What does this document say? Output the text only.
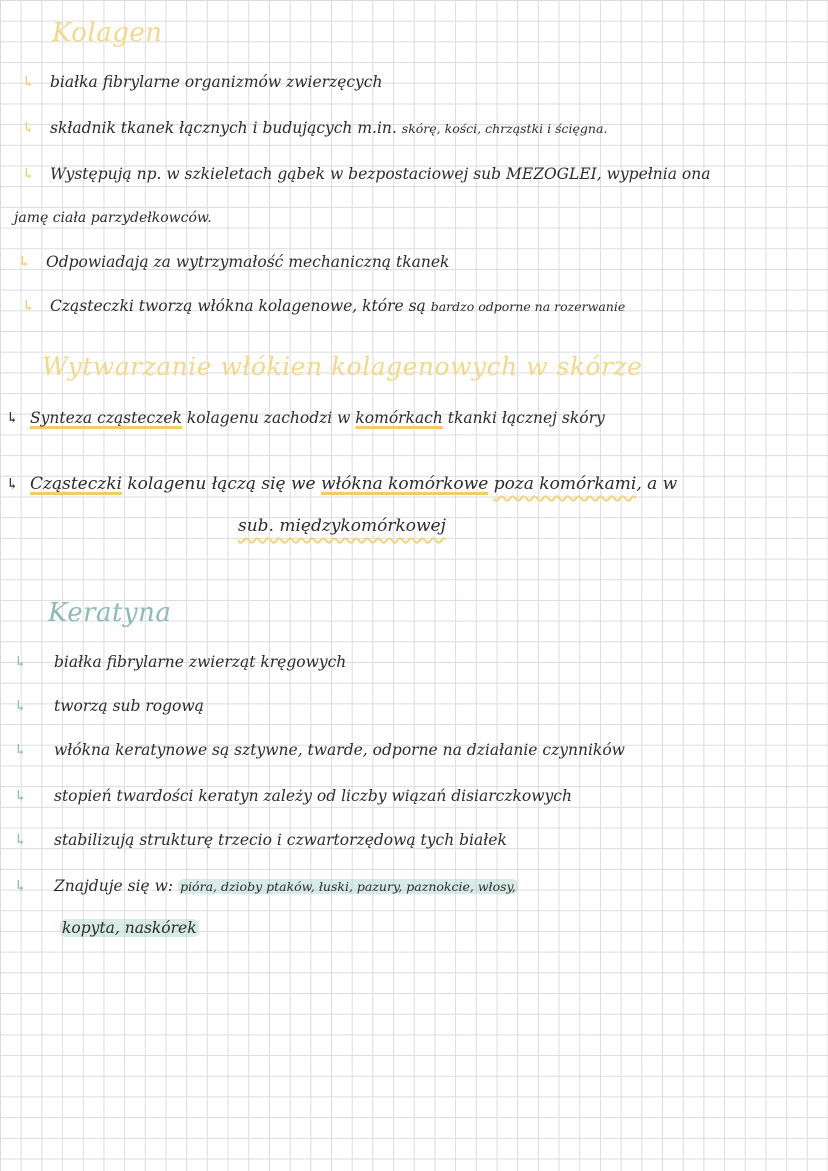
Kolagen
↳ białka fibrylarne organizmów zwierzęcych
↳ składnik tkanek łącznych i budujących m.in. skórę, kości, chrząstki i ścięgna.
↳ Występują np. w szkieletach gąbek w bezpostaciowej sub MEZOGLEI, wypełnia ona
jamę ciała parzydełkowców.
↳ Odpowiadają za wytrzymałość mechaniczną tkanek
↳ Cząsteczki tworzą włókna kolagenowe, które są bardzo odporne na rozerwanie
Wytwarzanie włókien kolagenowych w skórze
↳ Synteza cząsteczek kolagenu zachodzi w komórkach tkanki łącznej skóry
↳ Cząsteczki kolagenu łączą się we włókna komórkowe poza komórkami, a w
sub. międzykomórkowej
Keratyna
↳ białka fibrylarne zwierząt kręgowych
↳ tworzą sub rogową
↳ włókna keratynowe są sztywne, twarde, odporne na działanie czynników
↳ stopień twardości keratyn zależy od liczby wiązań disiarczkowych
↳ stabilizują strukturę trzecio i czwartorzędową tych białek
↳ Znajduje się w: pióra, dzioby ptaków, łuski, pazury, paznokcie, włosy,
kopyta, naskórek
